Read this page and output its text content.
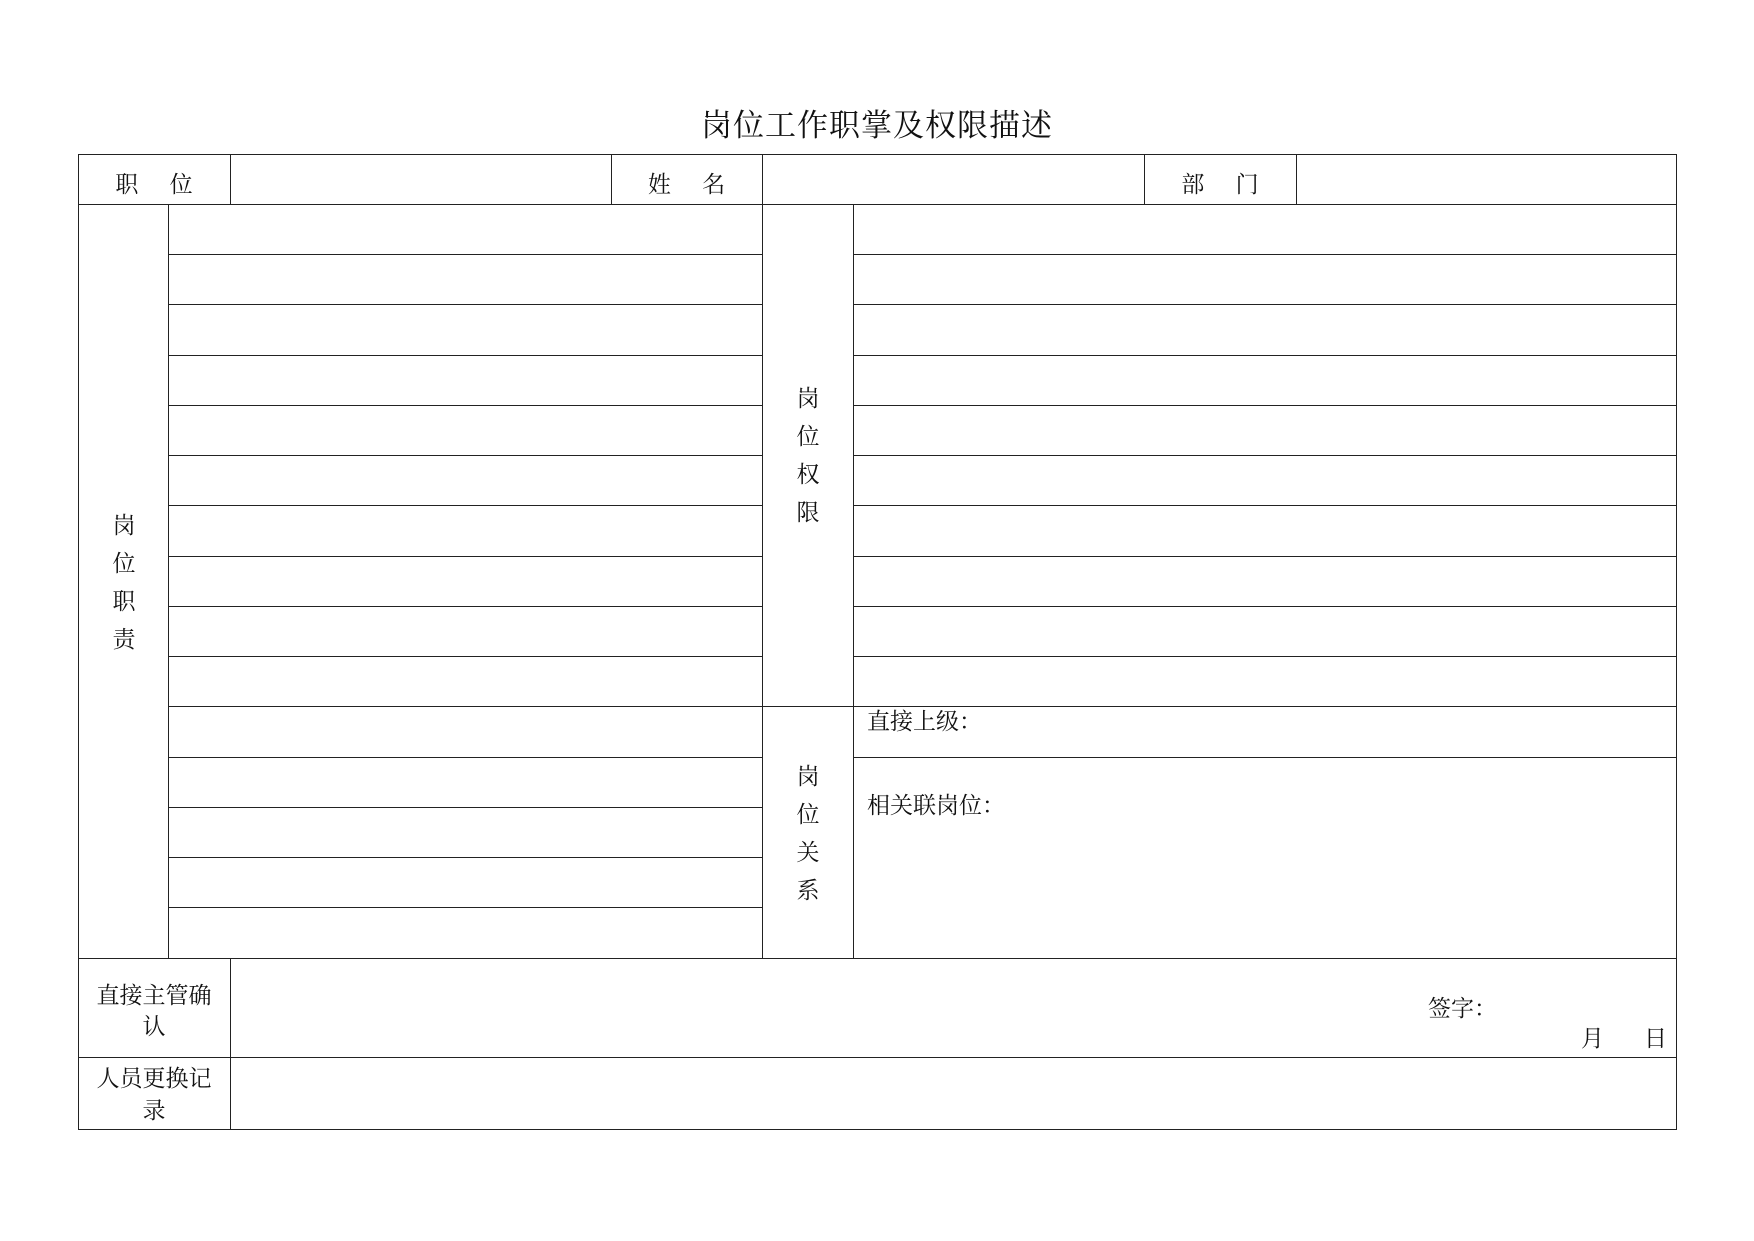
岗位工作职掌及权限描述
职 位	姓 名	部 门
岗位职责
岗位权限
岗位关系
直接上级：
相关联岗位：
直接主管确认
签字：
月 日
人员更换记录
